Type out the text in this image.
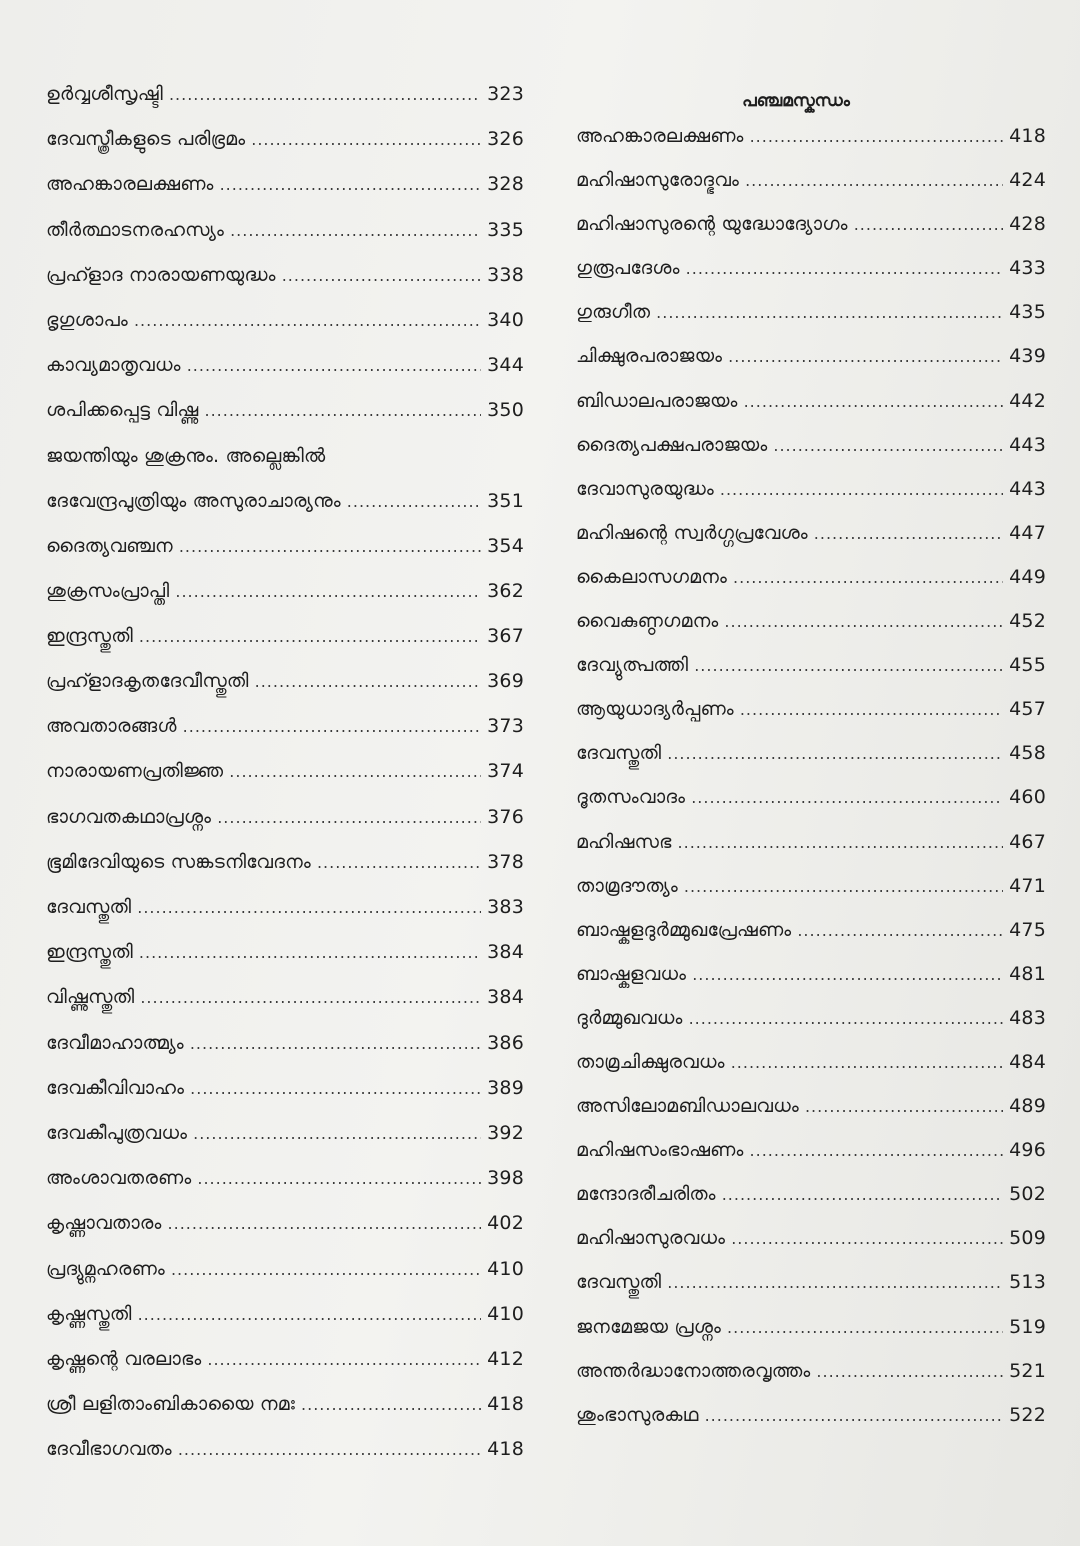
ഉർവ്വശീസൃഷ്ടി .....	323
ദേവസ്ത്രീകളുടെ പരിഭ്രമം .....	326
അഹങ്കാരലക്ഷണം .....	328
തീർത്ഥാടനരഹസ്യം .....	335
പ്രഹ്ളാദ നാരായണയുദ്ധം .....	338
ഭൃഗുശാപം .....	340
കാവ്യമാതൃവധം .....	344
ശപിക്കപ്പെട്ട വിഷ്ണു .....	350
ജയന്തിയും ശുക്രനും. അല്ലെങ്കിൽ
ദേവേന്ദ്രപുത്രിയും അസുരാചാര്യനും .....	351
ദൈത്യവഞ്ചന .....	354
ശുക്രസംപ്രാപ്തി .....	362
ഇന്ദ്രസ്തുതി .....	367
പ്രഹ്ളാദകൃതദേവീസ്തുതി .....	369
അവതാരങ്ങൾ .....	373
നാരായണപ്രതിജ്ഞ .....	374
ഭാഗവതകഥാപ്രശ്നം .....	376
ഭൂമിദേവിയുടെ സങ്കടനിവേദനം .....	378
ദേവസ്തുതി .....	383
ഇന്ദ്രസ്തുതി .....	384
വിഷ്ണുസ്തുതി .....	384
ദേവീമാഹാത്മ്യം .....	386
ദേവകീവിവാഹം .....	389
ദേവകീപുത്രവധം .....	392
അംശാവതരണം .....	398
കൃഷ്ണാവതാരം .....	402
പ്രദ്യുമ്നഹരണം .....	410
കൃഷ്ണസ്തുതി .....	410
കൃഷ്ണന്റെ വരലാഭം .....	412
ശ്രീ ലളിതാംബികായൈ നമഃ .....	418
ദേവീഭാഗവതം .....	418
പഞ്ചമസ്കന്ധം
അഹങ്കാരലക്ഷണം .....	418
മഹിഷാസുരോദ്ഭവം .....	424
മഹിഷാസുരന്റെ യുദ്ധോദ്യോഗം .....	428
ഗുരൂപദേശം .....	433
ഗുരുഗീത .....	435
ചിക്ഷുരപരാജയം .....	439
ബിഡാലപരാജയം .....	442
ദൈത്യപക്ഷപരാജയം .....	443
ദേവാസുരയുദ്ധം .....	443
മഹിഷന്റെ സ്വർഗ്ഗപ്രവേശം .....	447
കൈലാസഗമനം .....	449
വൈകുണ്ഠഗമനം .....	452
ദേവ്യുത്പത്തി .....	455
ആയുധാദ്യർപ്പണം .....	457
ദേവസ്തുതി .....	458
ദൂതസംവാദം .....	460
മഹിഷസഭ .....	467
താമ്രദൗത്യം .....	471
ബാഷ്കളദുർമ്മുഖപ്രേഷണം .....	475
ബാഷ്കളവധം .....	481
ദുർമ്മുഖവധം .....	483
താമ്രചിക്ഷുരവധം .....	484
അസിലോമബിഡാലവധം .....	489
മഹിഷസംഭാഷണം .....	496
മന്ദോദരീചരിതം .....	502
മഹിഷാസുരവധം .....	509
ദേവസ്തുതി .....	513
ജനമേജയ പ്രശ്നം .....	519
അന്തർദ്ധാനോത്തരവൃത്തം .....	521
ശുംഭാസുരകഥ .....	522
